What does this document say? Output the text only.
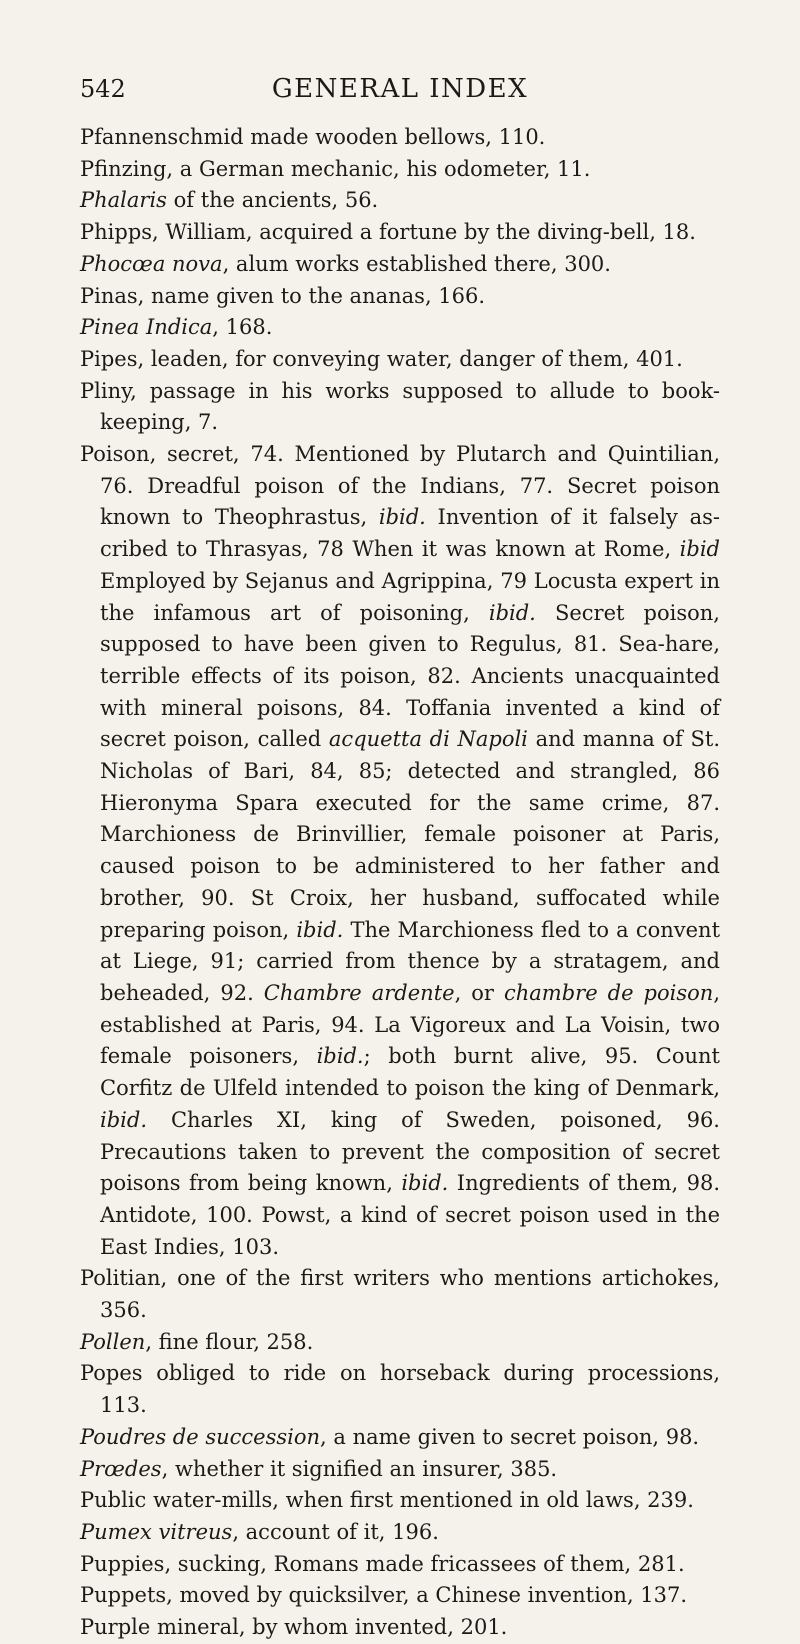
542	GENERAL INDEX

Pfannenschmid made wooden bellows, 110.

Pfinzing, a German mechanic, his odometer, 11.

Phalaris of the ancients, 56.

Phipps, William, acquired a fortune by the diving-bell, 18.

Phocœa nova, alum works established there, 300.

Pinas, name given to the ananas, 166.

Pinea Indica, 168.

Pipes, leaden, for conveying water, danger of them, 401.

Pliny, passage in his works supposed to allude to book-keeping, 7.

Poison, secret, 74. Mentioned by Plutarch and Quintilian, 76. Dreadful poison of the Indians, 77. Secret poison known to Theophrastus, ibid. Invention of it falsely ascribed to Thrasyas, 78 When it was known at Rome, ibid Employed by Sejanus and Agrippina, 79 Locusta expert in the infamous art of poisoning, ibid. Secret poison, supposed to have been given to Regulus, 81. Sea-hare, terrible effects of its poison, 82. Ancients unacquainted with mineral poisons, 84. Toffania invented a kind of secret poison, called acquetta di Napoli and manna of St. Nicholas of Bari, 84, 85; detected and strangled, 86 Hieronyma Spara executed for the same crime, 87. Marchioness de Brinvillier, female poisoner at Paris, caused poison to be administered to her father and brother, 90. St Croix, her husband, suffocated while preparing poison, ibid. The Marchioness fled to a convent at Liege, 91; carried from thence by a stratagem, and beheaded, 92. Chambre ardente, or chambre de poison, established at Paris, 94. La Vigoreux and La Voisin, two female poisoners, ibid.; both burnt alive, 95. Count Corfitz de Ulfeld intended to poison the king of Denmark, ibid. Charles XI, king of Sweden, poisoned, 96. Precautions taken to prevent the composition of secret poisons from being known, ibid. Ingredients of them, 98. Antidote, 100. Powst, a kind of secret poison used in the East Indies, 103.

Politian, one of the first writers who mentions artichokes, 356.

Pollen, fine flour, 258.

Popes obliged to ride on horseback during processions, 113.

Poudres de succession, a name given to secret poison, 98.

Prœdes, whether it signified an insurer, 385.

Public water-mills, when first mentioned in old laws, 239.

Pumex vitreus, account of it, 196.

Puppies, sucking, Romans made fricassees of them, 281.

Puppets, moved by quicksilver, a Chinese invention, 137.

Purple mineral, by whom invented, 201.
